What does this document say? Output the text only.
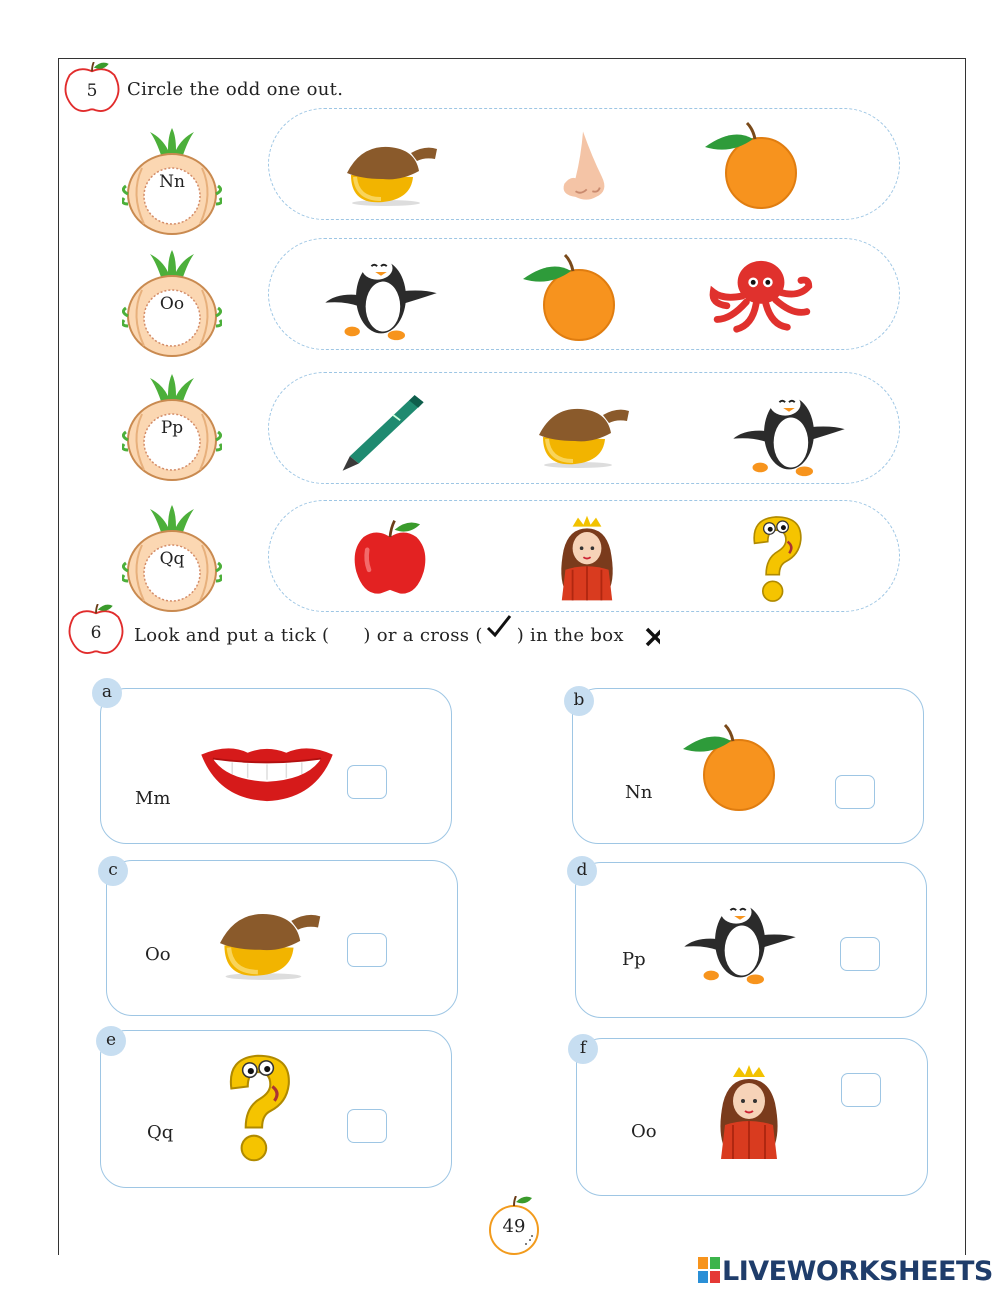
5	Circle the odd one out.
Nn
Oo
Pp
Qq
6	Look and put a tick ( ) or a cross ( ) in the box
Mm
a
Nn
b
Oo
c
Pp
d
Qq
e
Oo
f
49
LIVEWORKSHEETS
